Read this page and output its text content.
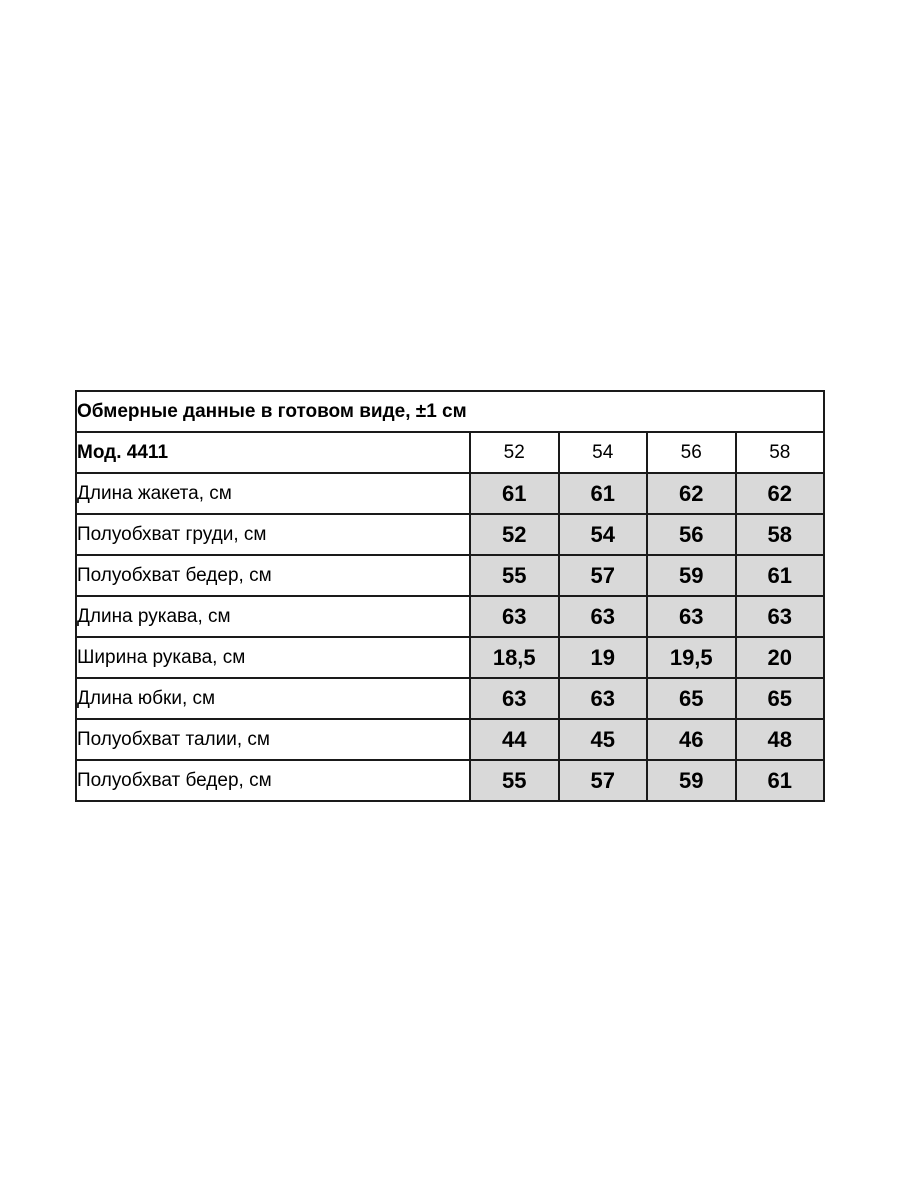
Обмерные данные в готовом виде, ±1 см				
Мод. 4411	52	54	56	58
Длина жакета, см	61	61	62	62
Полуобхват груди, см	52	54	56	58
Полуобхват бедер, см	55	57	59	61
Длина рукава, см	63	63	63	63
Ширина рукава, см	18,5	19	19,5	20
Длина юбки, см	63	63	65	65
Полуобхват талии, см	44	45	46	48
Полуобхват бедер, см	55	57	59	61
